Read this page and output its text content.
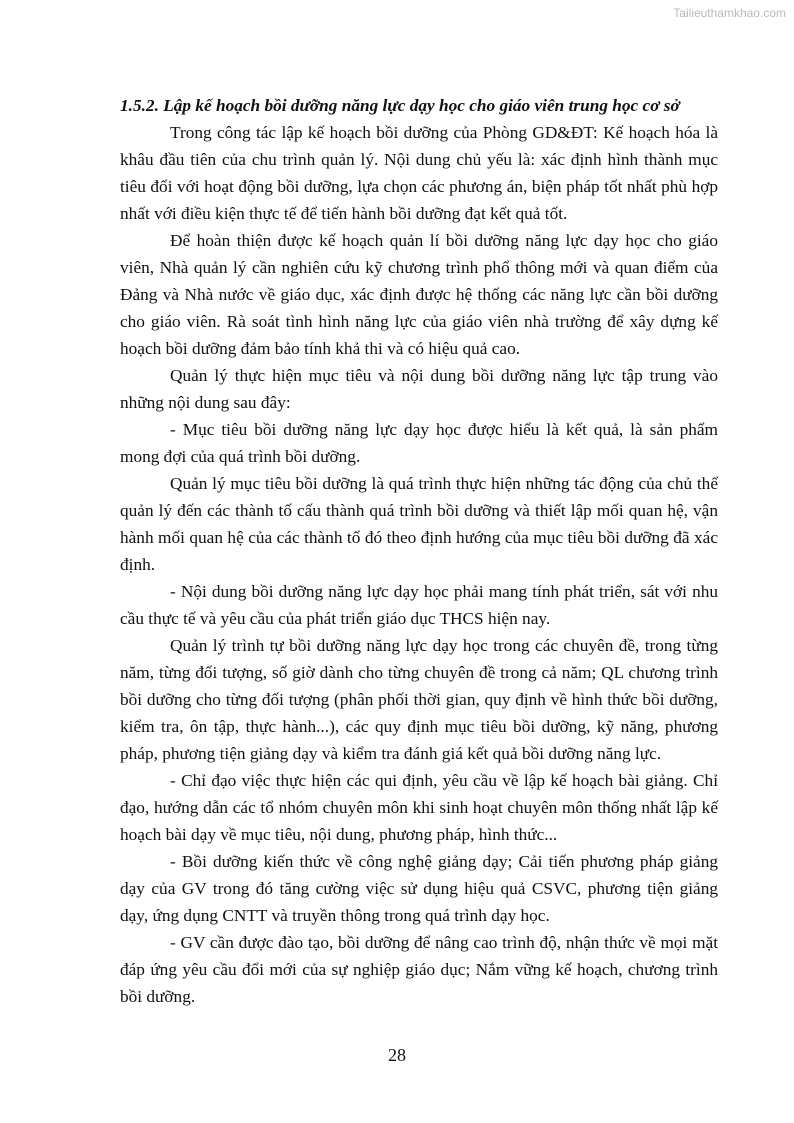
Tailieuthamkhao.com

1.5.2. Lập kế hoạch bồi dưỡng năng lực dạy học cho giáo viên trung học cơ sở

Trong công tác lập kế hoạch bồi dưỡng của Phòng GD&ĐT: Kế hoạch hóa là khâu đầu tiên của chu trình quản lý. Nội dung chủ yếu là: xác định hình thành mục tiêu đối với hoạt động bồi dưỡng, lựa chọn các phương án, biện pháp tốt nhất phù hợp nhất với điều kiện thực tế để tiến hành bồi dưỡng đạt kết quả tốt.

Để hoàn thiện được kế hoạch quản lí bồi dưỡng năng lực dạy học cho giáo viên, Nhà quản lý cần nghiên cứu kỹ chương trình phổ thông mới và quan điểm của Đảng và Nhà nước về giáo dục, xác định được hệ thống các năng lực cần bồi dưỡng cho giáo viên. Rà soát tình hình năng lực của giáo viên nhà trường để xây dựng kế hoạch bồi dưỡng đảm bảo tính khả thi và có hiệu quả cao.

Quản lý thực hiện mục tiêu và nội dung bồi dưỡng năng lực tập trung vào những nội dung sau đây:

- Mục tiêu bồi dưỡng năng lực dạy học được hiểu là kết quả, là sản phẩm mong đợi của quá trình bồi dưỡng.

Quản lý mục tiêu bồi dưỡng là quá trình thực hiện những tác động của chủ thể quản lý đến các thành tố cấu thành quá trình bồi dưỡng và thiết lập mối quan hệ, vận hành mối quan hệ của các thành tố đó theo định hướng của mục tiêu bồi dưỡng đã xác định.

- Nội dung bồi dưỡng năng lực dạy học phải mang tính phát triển, sát với nhu cầu thực tế và yêu cầu của phát triển giáo dục THCS hiện nay.

Quản lý trình tự bồi dưỡng năng lực dạy học trong các chuyên đề, trong từng năm, từng đối tượng, số giờ dành cho từng chuyên đề trong cả năm; QL chương trình bồi dưỡng cho từng đối tượng (phân phối thời gian, quy định về hình thức bồi dưỡng, kiểm tra, ôn tập, thực hành...), các quy định mục tiêu bồi dưỡng, kỹ năng, phương pháp, phương tiện giảng dạy và kiểm tra đánh giá kết quả bồi dưỡng năng lực.

- Chỉ đạo việc thực hiện các qui định, yêu cầu về lập kế hoạch bài giảng. Chỉ đạo, hướng dẫn các tổ nhóm chuyên môn khi sinh hoạt chuyên môn thống nhất lập kế hoạch bài dạy về mục tiêu, nội dung, phương pháp, hình thức...

- Bồi dưỡng kiến thức về công nghệ giảng dạy; Cải tiến phương pháp giảng dạy của GV trong đó tăng cường việc sử dụng hiệu quả CSVC, phương tiện giảng dạy, ứng dụng CNTT và truyền thông trong quá trình dạy học.

- GV cần được đào tạo, bồi dưỡng để nâng cao trình độ, nhận thức về mọi mặt đáp ứng yêu cầu đổi mới của sự nghiệp giáo dục; Nắm vững kế hoạch, chương trình bồi dưỡng.

28
